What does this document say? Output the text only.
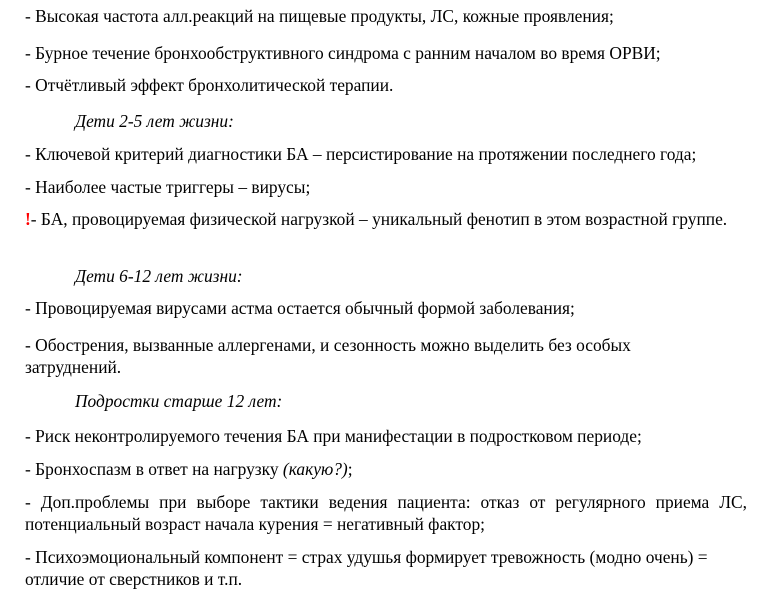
- Высокая частота алл.реакций на пищевые продукты, ЛС, кожные проявления;
- Бурное течение бронхообструктивного синдрома с ранним началом во время ОРВИ;
- Отчётливый эффект бронхолитической терапии.
Дети 2-5 лет жизни:
- Ключевой критерий диагностики БА – персистирование на протяжении последнего года;
- Наиболее частые триггеры – вирусы;
!- БА, провоцируемая физической нагрузкой – уникальный фенотип в этом возрастной группе.
Дети 6-12 лет жизни:
- Провоцируемая вирусами астма остается обычный формой заболевания;
- Обострения, вызванные аллергенами, и сезонность можно выделить без особых затруднений.
Подростки старше 12 лет:
- Риск неконтролируемого течения БА при манифестации в подростковом периоде;
- Бронхоспазм в ответ на нагрузку (какую?);
- Доп.проблемы при выборе тактики ведения пациента: отказ от регулярного приема ЛС, потенциальный возраст начала курения = негативный фактор;
- Психоэмоциональный компонент = страх удушья формирует тревожность (модно очень) = отличие от сверстников и т.п.
